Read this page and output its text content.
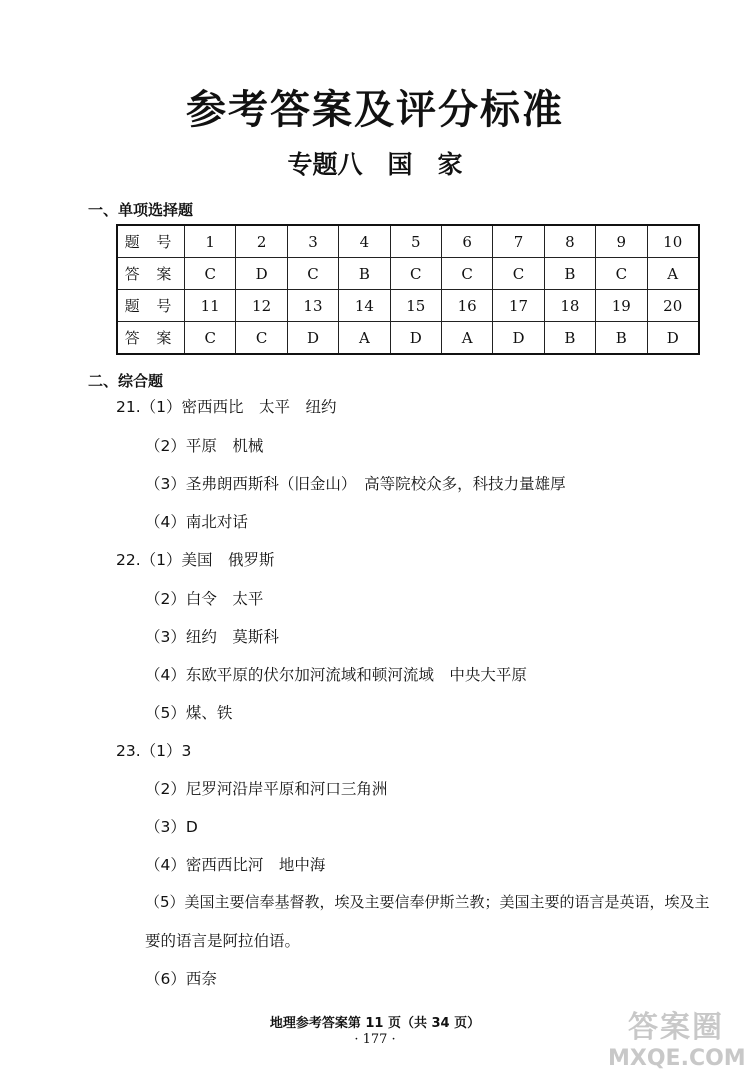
参考答案及评分标准
专题八　国　家
一、单项选择题
题 号	1	2	3	4	5	6	7	8	9	10
答 案	C	D	C	B	C	C	C	B	C	A
题 号	11	12	13	14	15	16	17	18	19	20
答 案	C	C	D	A	D	A	D	B	B	D
二、综合题
21.（1）密西西比　太平　纽约
（2）平原　机械
（3）圣弗朗西斯科（旧金山）　高等院校众多，科技力量雄厚
（4）南北对话
22.（1）美国　俄罗斯
（2）白令　太平
（3）纽约　莫斯科
（4）东欧平原的伏尔加河流域和顿河流域　中央大平原
（5）煤、铁
23.（1）3
（2）尼罗河沿岸平原和河口三角洲
（3）D
（4）密西西比河　地中海
（5）美国主要信奉基督教，埃及主要信奉伊斯兰教；美国主要的语言是英语，埃及主
要的语言是阿拉伯语。
（6）西奈
地理参考答案第 11 页（共 34 页）
· 177 ·	答案圈
MXQE.COM
